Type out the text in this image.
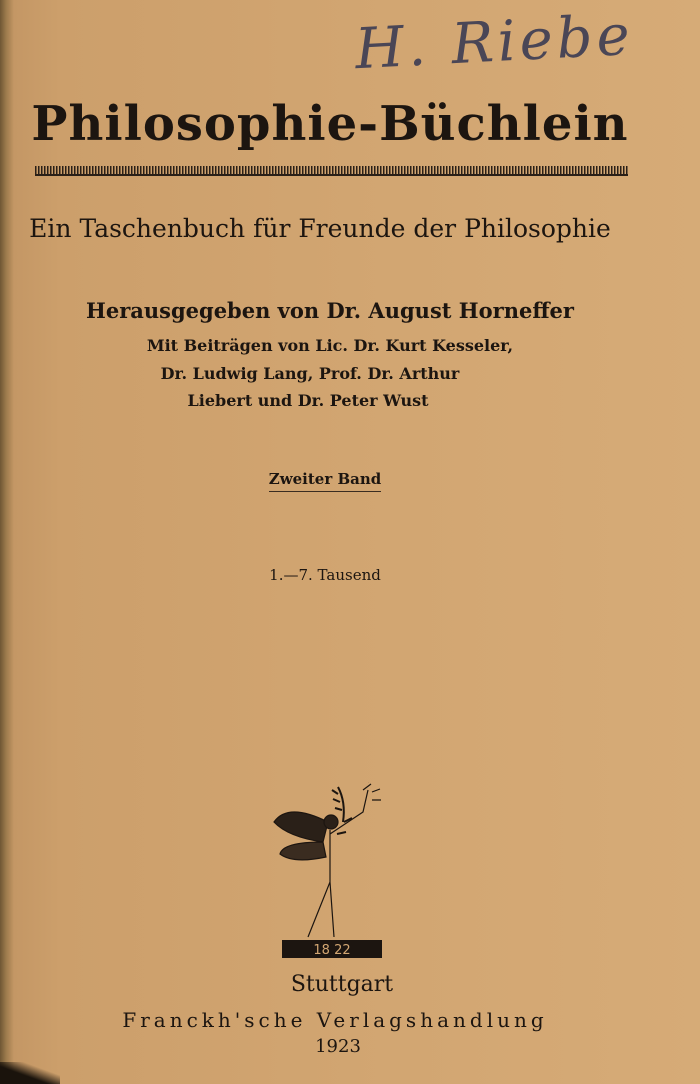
H. Riebe
Philosophie-Büchlein
Ein Taschenbuch für Freunde der Philosophie
Herausgegeben von Dr. August Horneffer
Mit Beiträgen von Lic. Dr. Kurt Kesseler,
Dr. Ludwig Lang, Prof. Dr. Arthur
Liebert und Dr. Peter Wust
Zweiter Band
1.—7. Tausend
18 22
Stuttgart
Franckh'sche Verlagshandlung
1923
